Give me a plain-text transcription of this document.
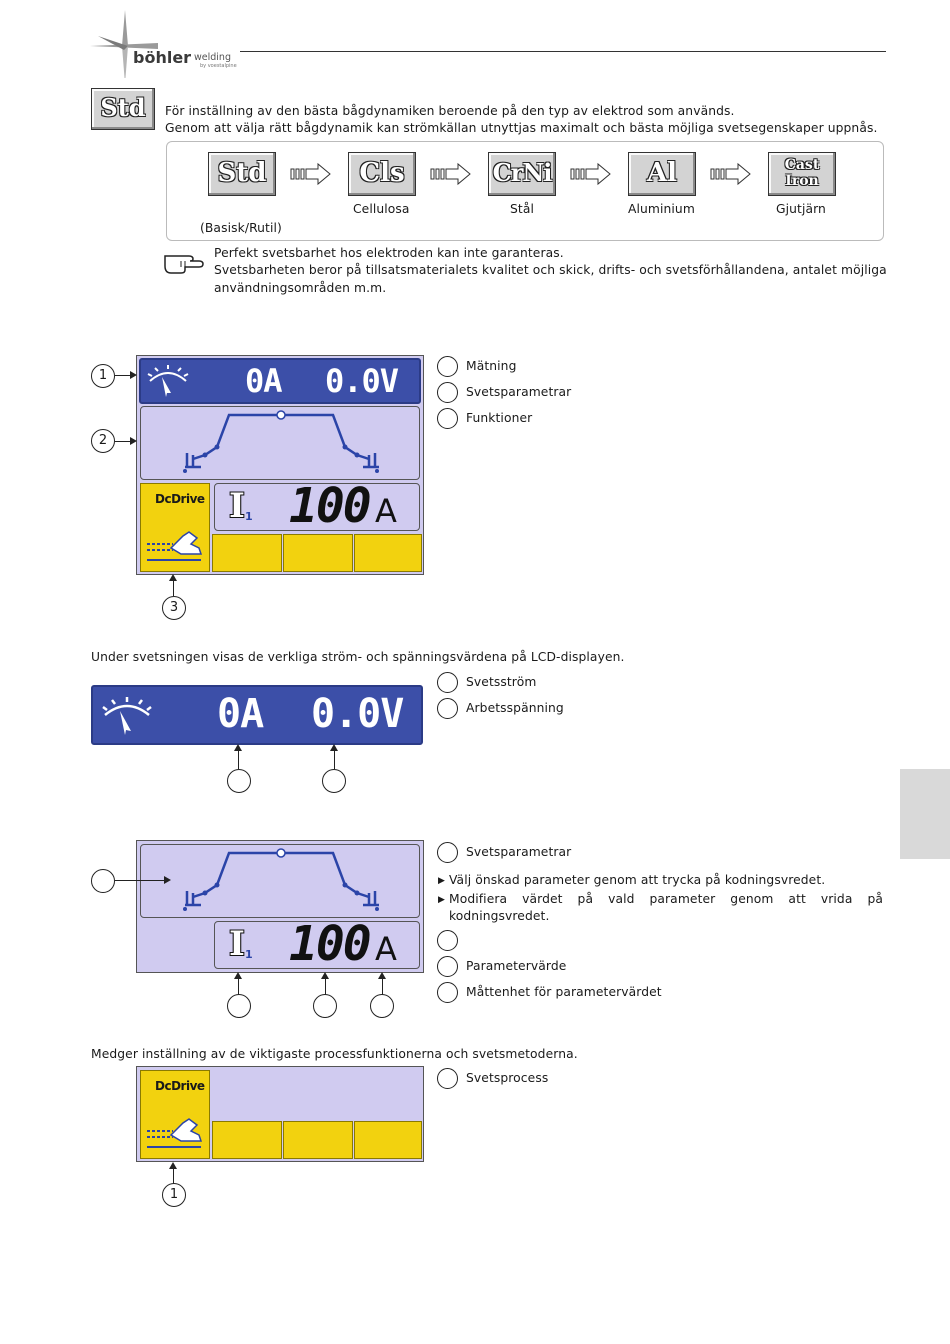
böhler welding
by voestalpine
Std	För inställning av den bästa bågdynamiken beroende på den typ av elektrod som används.
Genom att välja rätt bågdynamik kan strömkällan utnyttjas maximalt och bästa möjliga svetsegenskaper uppnås.
Std	Cls	CrNi	Al	Cast
Iron
(Basisk/Rutil)
Cellulosa	Stål	Aluminium	Gjutjärn
Perfekt svetsbarhet hos elektroden kan inte garanteras.
Svetsbarheten beror på tillsatsmaterialets kvalitet och skick, drifts- och svetsförhållandena, antalet möjliga
användningsområden m.m.
0A 0.0V
DcDrive I 1 100 A
1
2
3
Mätning
Svetsparametrar
Funktioner
Under svetsningen visas de verkliga ström- och spänningsvärdena på LCD-displayen.
0A 0.0V
Svetsström
Arbetsspänning
I 1 100 A
Svetsparametrar
▶ Välj önskad parameter genom att trycka på kodningsvredet.
▶ Modifiera värdet på vald parameter genom att vrida på
kodningsvredet.
Parametervärde
Måttenhet för parametervärdet
Medger inställning av de viktigaste processfunktionerna och svetsmetoderna.
DcDrive
1
Svetsprocess
